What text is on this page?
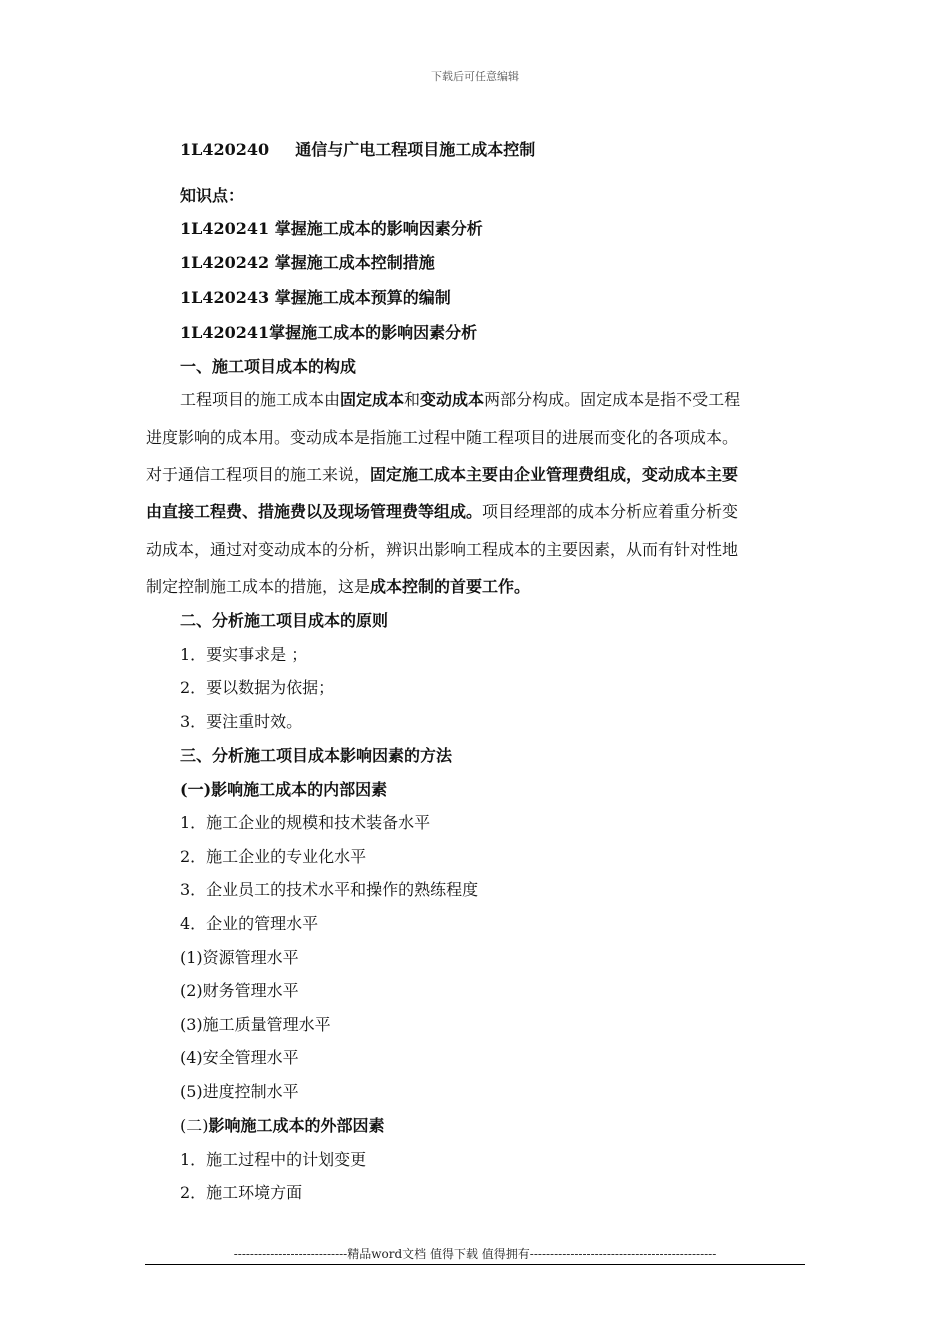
下载后可任意编辑
1L420240 通信与广电工程项目施工成本控制
知识点：
1L420241 掌握施工成本的影响因素分析
1L420242 掌握施工成本控制措施
1L420243 掌握施工成本预算的编制
1L420241掌握施工成本的影响因素分析
一、施工项目成本的构成
工程项目的施工成本由固定成本和变动成本两部分构成。固定成本是指不受工程
进度影响的成本用。变动成本是指施工过程中随工程项目的进展而变化的各项成本。
对于通信工程项目的施工来说，固定施工成本主要由企业管理费组成，变动成本主要
由直接工程费、措施费以及现场管理费等组成。项目经理部的成本分析应着重分析变
动成本，通过对变动成本的分析，辨识出影响工程成本的主要因素，从而有针对性地
制定控制施工成本的措施，这是成本控制的首要工作。
二、分析施工项目成本的原则
1．要实事求是 ；
2．要以数据为依据；
3．要注重时效。
三、分析施工项目成本影响因素的方法
(一)影响施工成本的内部因素
1．施工企业的规模和技术装备水平
2．施工企业的专业化水平
3．企业员工的技术水平和操作的熟练程度
4．企业的管理水平
(1)资源管理水平
(2)财务管理水平
(3)施工质量管理水平
(4)安全管理水平
(5)进度控制水平
(二)影响施工成本的外部因素
1．施工过程中的计划变更
2．施工环境方面
----------------------------精品word文档 值得下载 值得拥有----------------------------------------------
